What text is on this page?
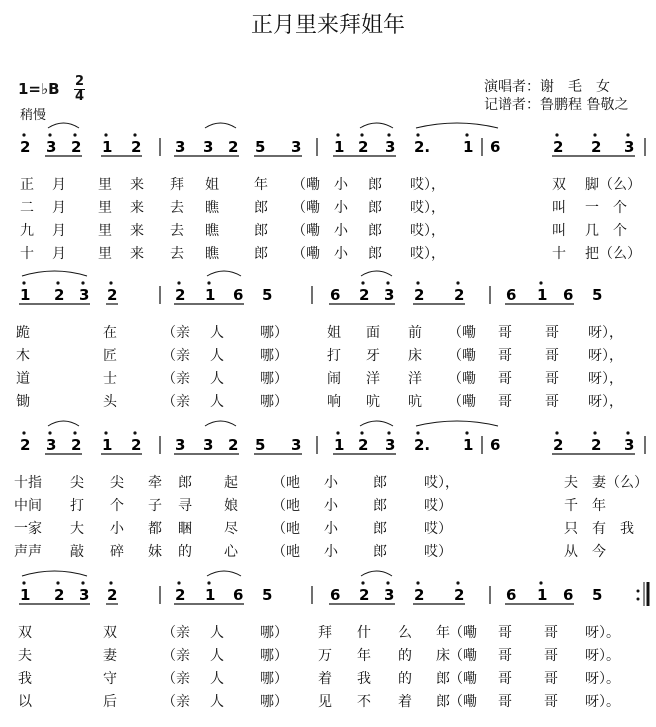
正月里来拜姐年
1=♭B 2
4
稍慢
演唱者：谢　毛　女
记谱者：鲁鹏程 鲁敬之
2 3 2 1 2 3 3 2 5 3 1 2 3 2. 1 6	2 2 3
1 2 3 2	2 1 6 5	6 2 3 2 2	6 1 6 5
2 3 2 1 2 3 3 2 5 3 1 2 3 2. 1 6	2 2 3
1 2 3 2	2 1 6 5	6 2 3 2 2	6 1 6 5
正 月 里 来 拜 姐	年 （嘞 小 郎 哎），	双 脚（么）
二 月 里 来 去 瞧	郎 （嘞 小 郎 哎），	叫 一　个
九 月 里 来 去 瞧	郎 （嘞 小 郎 哎），	叫 几　个
十 月 里 来 去 瞧	郎 （嘞 小 郎 哎），	十 把（么）
跪	在	（亲 人	哪）	姐 面 前 （嘞 哥 哥 呀），
木	匠	（亲 人	哪）	打 牙 床 （嘞 哥 哥 呀），
道	士	（亲 人	哪）	闹 洋 洋 （嘞 哥 哥 呀），
锄	头	（亲 人	哪）	响 吭 吭 （嘞 哥 哥 呀），
十指 尖 尖 牵 郎 起 （吔 小	郎	哎），	夫　妻（么）
中间 打 个 子 寻 娘 （吔 小	郎	哎）	千　年
一家 大 小 都 睏 尽 （吔 小	郎	哎）	只　有　我
声声 敲 碎 妹 的 心 （吔 小	郎	哎）	从　今
双	双	（亲 人	哪） 拜 什 么 年 （嘞 哥 哥 呀）。
夫	妻	（亲 人	哪） 万 年 的 床 （嘞 哥 哥 呀）。
我	守	（亲 人	哪） 着 我 的 郎 （嘞 哥 哥 呀）。
以	后	（亲 人	哪） 见 不 着 郎 （嘞 哥 哥 呀）。
